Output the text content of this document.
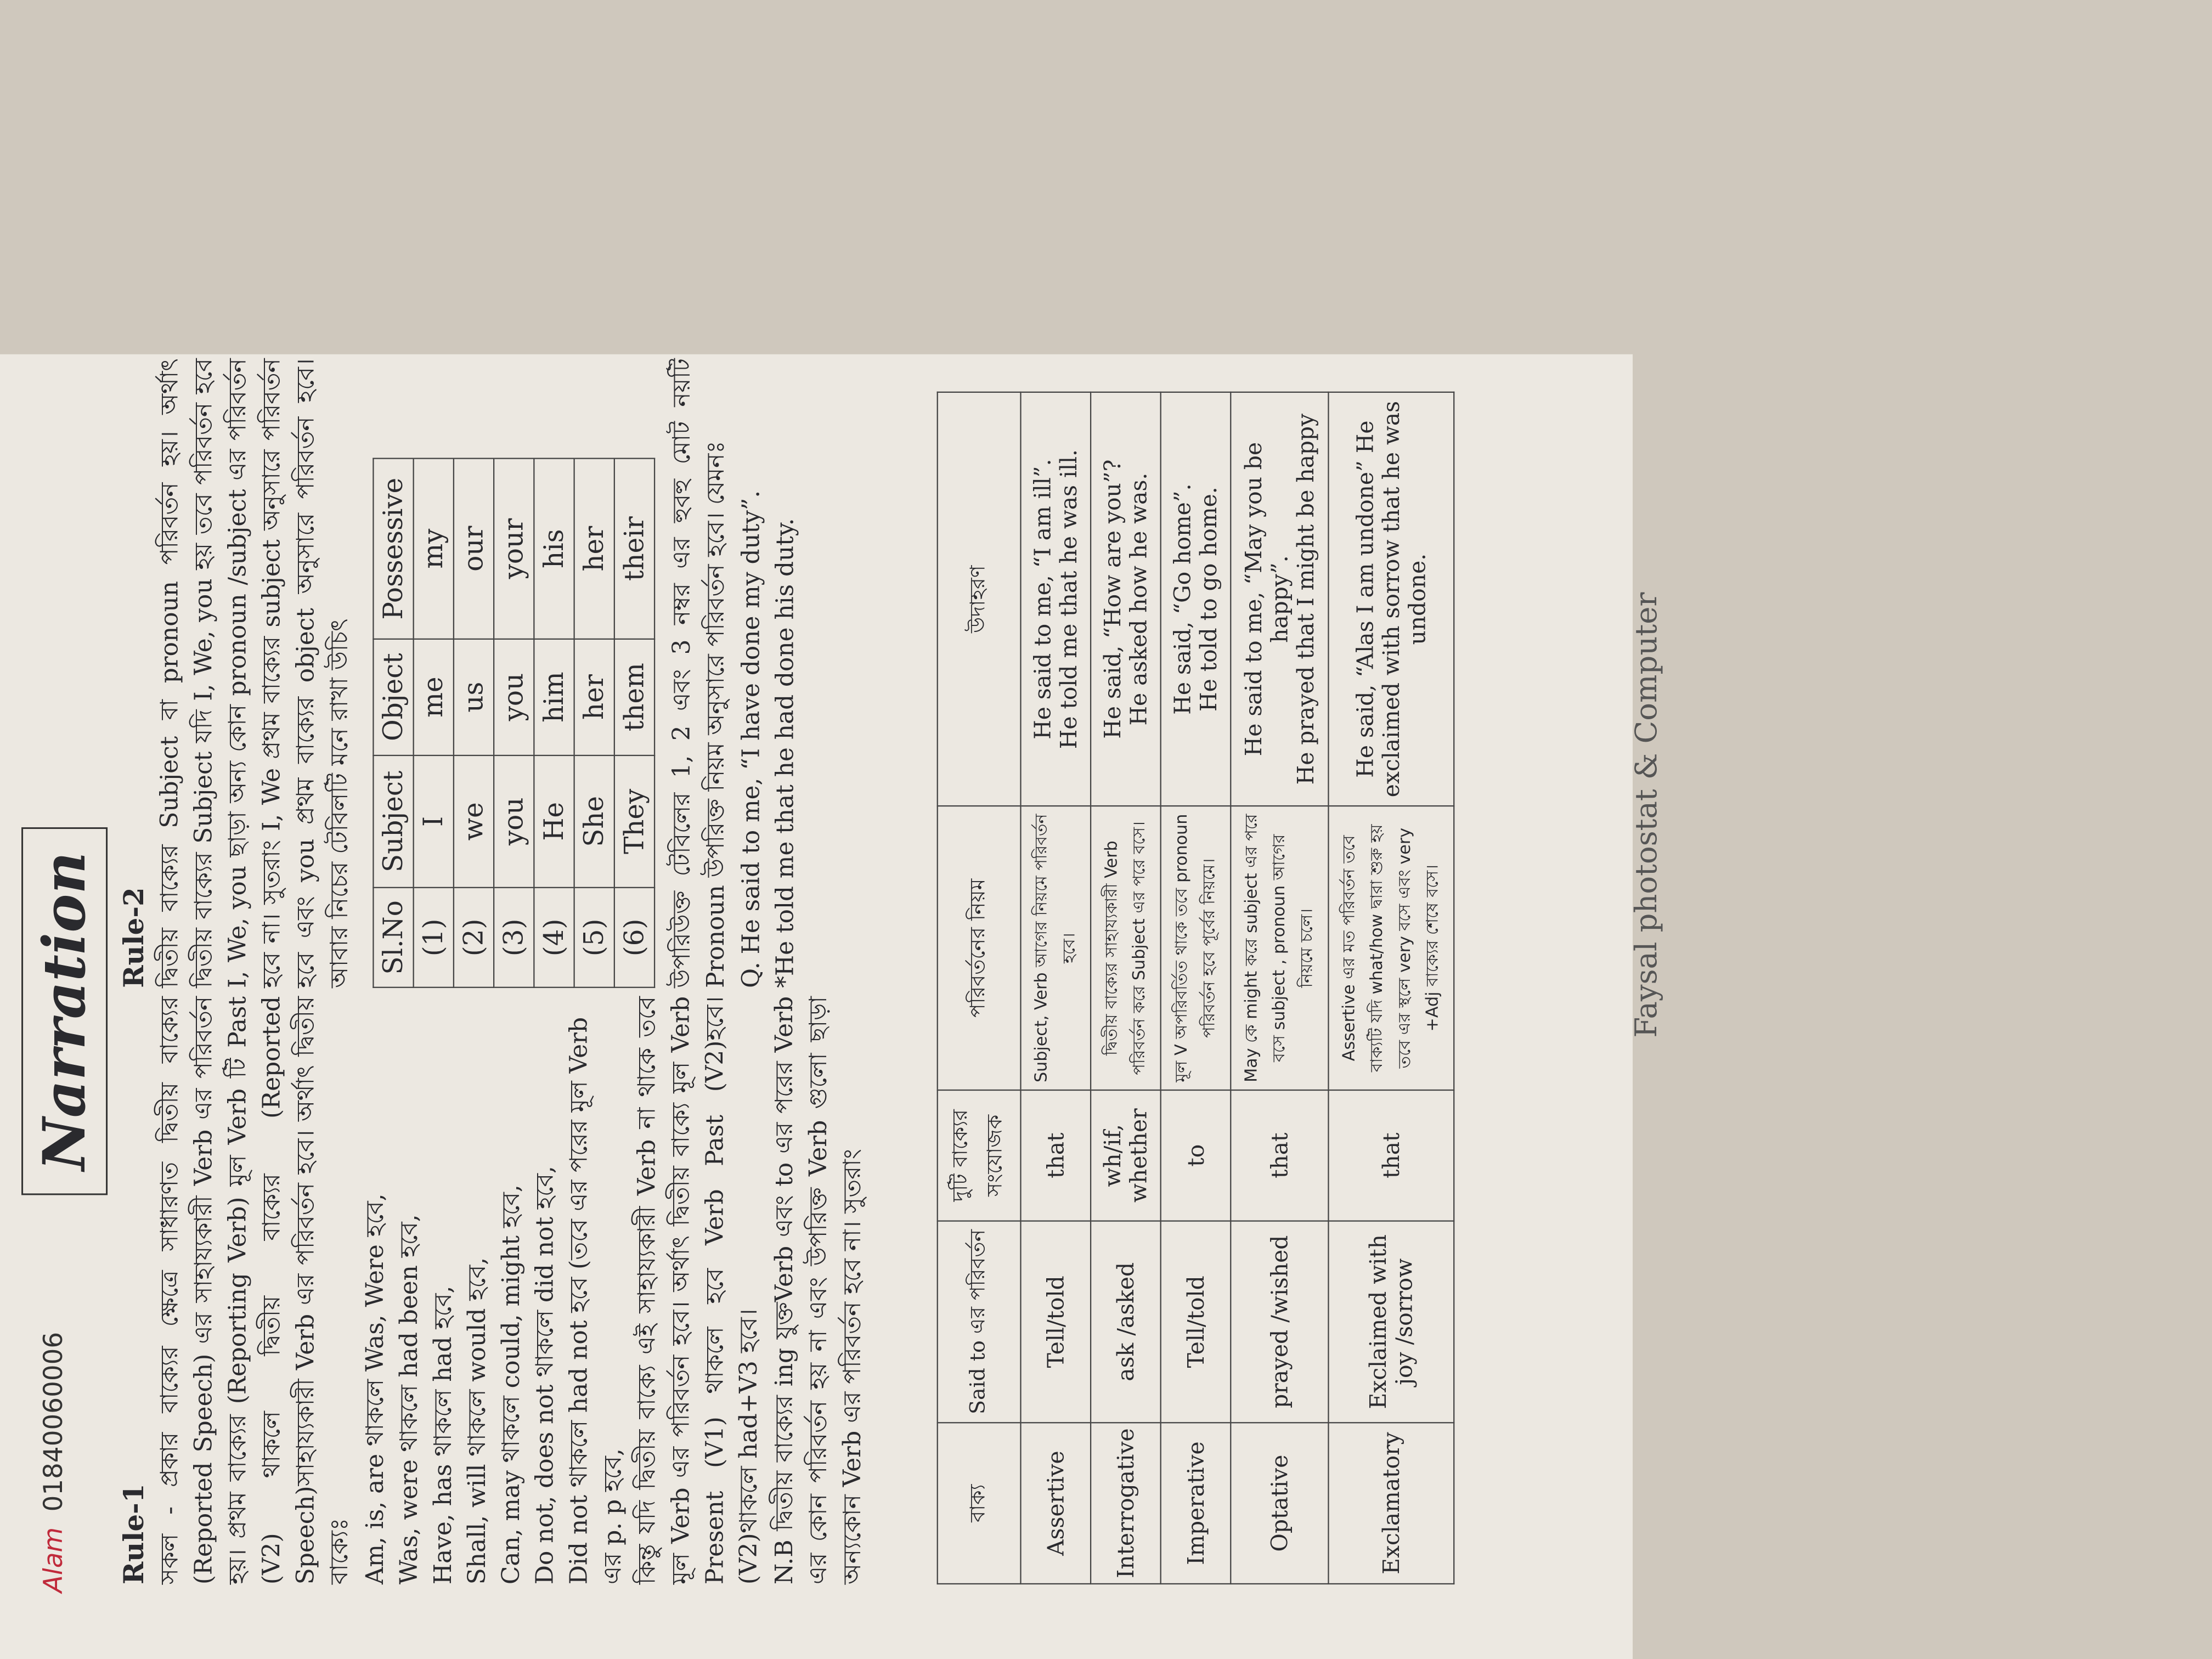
Alam 01840060006
Narration
Rule-1 সকল - প্রকার বাক্যের ক্ষেত্রে সাধারণত দ্বিতীয় বাক্যের (Reported Speech) এর সাহায্যকারী Verb এর পরিবর্তন হয়। প্রথম বাক্যের (Reporting Verb) মূল Verb টি Past (V2) থাকলে দ্বিতীয় বাক্যের (Reported Speech)সাহায্যকারী Verb এর পরিবর্তন হবে। অর্থাৎ দ্বিতীয় বাক্যেঃ Am, is, are থাকলে Was, Were হবে, Was, were থাকলে had been হবে, Have, has থাকলে had হবে, Shall, will থাকলে would হবে, Can, may থাকলে could, might হবে, Do not, does not থাকলে did not হবে, Did not থাকলে had not হবে (তবে এর পরের মূল Verb এর p. p হবে, কিন্তু যদি দ্বিতীয় বাক্যে এই সাহায্যকারী Verb না থাকে তবে মূল Verb এর পরিবর্তন হবে। অর্থাৎ দ্বিতীয় বাক্যে মূল Verb Present (V1) থাকলে হবে Verb Past (V2)হবে। (V2)থাকলে had+V3 হবে। N.B দ্বিতীয় বাক্যের ing যুক্তVerb এবং to এর পরের Verb এর কোন পরিবর্তন হয় না এবং উপরিক্ত Verb গুলো ছাড়া অন্যকোন Verb এর পরিবর্তন হবে না। সুতরাং

Rule-2 দ্বিতীয় বাক্যের Subject বা pronoun পরিবর্তন হয়। অর্থাৎ দ্বিতীয় বাক্যের Subject যদি I, We, you হয় তবে পরিবর্তন হবে I, We, you ছাড়া অন্য কোন pronoun /subject এর পরিবর্তন হবে না। সুতরাং I, We প্রথম বাক্যের subject অনুসারে পরিবর্তন হবে এবং you প্রথম বাক্যের object অনুসারে পরিবর্তন হবে।আবার নিচের টেবিলটি মনে রাখা উচিৎ Sl.No	Subject	Object	Possessive
(1)	I	me	my
(2)	we	us	our
(3)	you	you	your
(4)	He	him	his
(5)	She	her	her
(6)	They	them	their উপরিউক্ত টেবিলের 1, 2 এবং 3 নম্বর এর হুবহু মোট নয়টি Pronoun উপরিক্ত নিয়ম অনুসারে পরিবর্তন হবে। যেমনঃ Q. He said to me, “I have done my duty”. *He told me that he had done his duty.
বাক্য	Said to এর পরিবর্তন	দুটি বাক্যের সংযোজক	পরিবর্তনের নিয়ম	উদাহরণ
Assertive	Tell/told	that	Subject, Verb আগের নিয়মে পরিবর্তন হবে।	He said to me, “I am ill”. He told me that he was ill.

Interrogative	ask /asked	wh/if, whether	দ্বিতীয় বাক্যের সাহায্যকারী Verb পরিবর্তন করে Subject এর পরে বসে।	He said, “How are you”? He asked how he was.

Imperative	Tell/told	to	মূল V অপরিবর্তিত থাকে তবে pronoun পরিবর্তন হবে পূর্বের নিয়মে।	He said, “Go home”. He told to go home.

Optative	prayed /wished	that	May কে might করে subject এর পরে বসে subject , pronoun আগের নিয়মে চলে।	He said to me, “May you be happy”. He prayed that I might be happy

Exclamatory	Exclaimed with joy /sorrow	that	Assertive এর মত পরিবর্তন তবে বাক্যটি যদি what/how দ্বারা শুরু হয় তবে এর স্থলে very বসে এবং very +Adj বাক্যের শেষে বসে।	He said, “Alas I am undone” He exclaimed with sorrow that he was undone.	Faysal photostat & Computer
